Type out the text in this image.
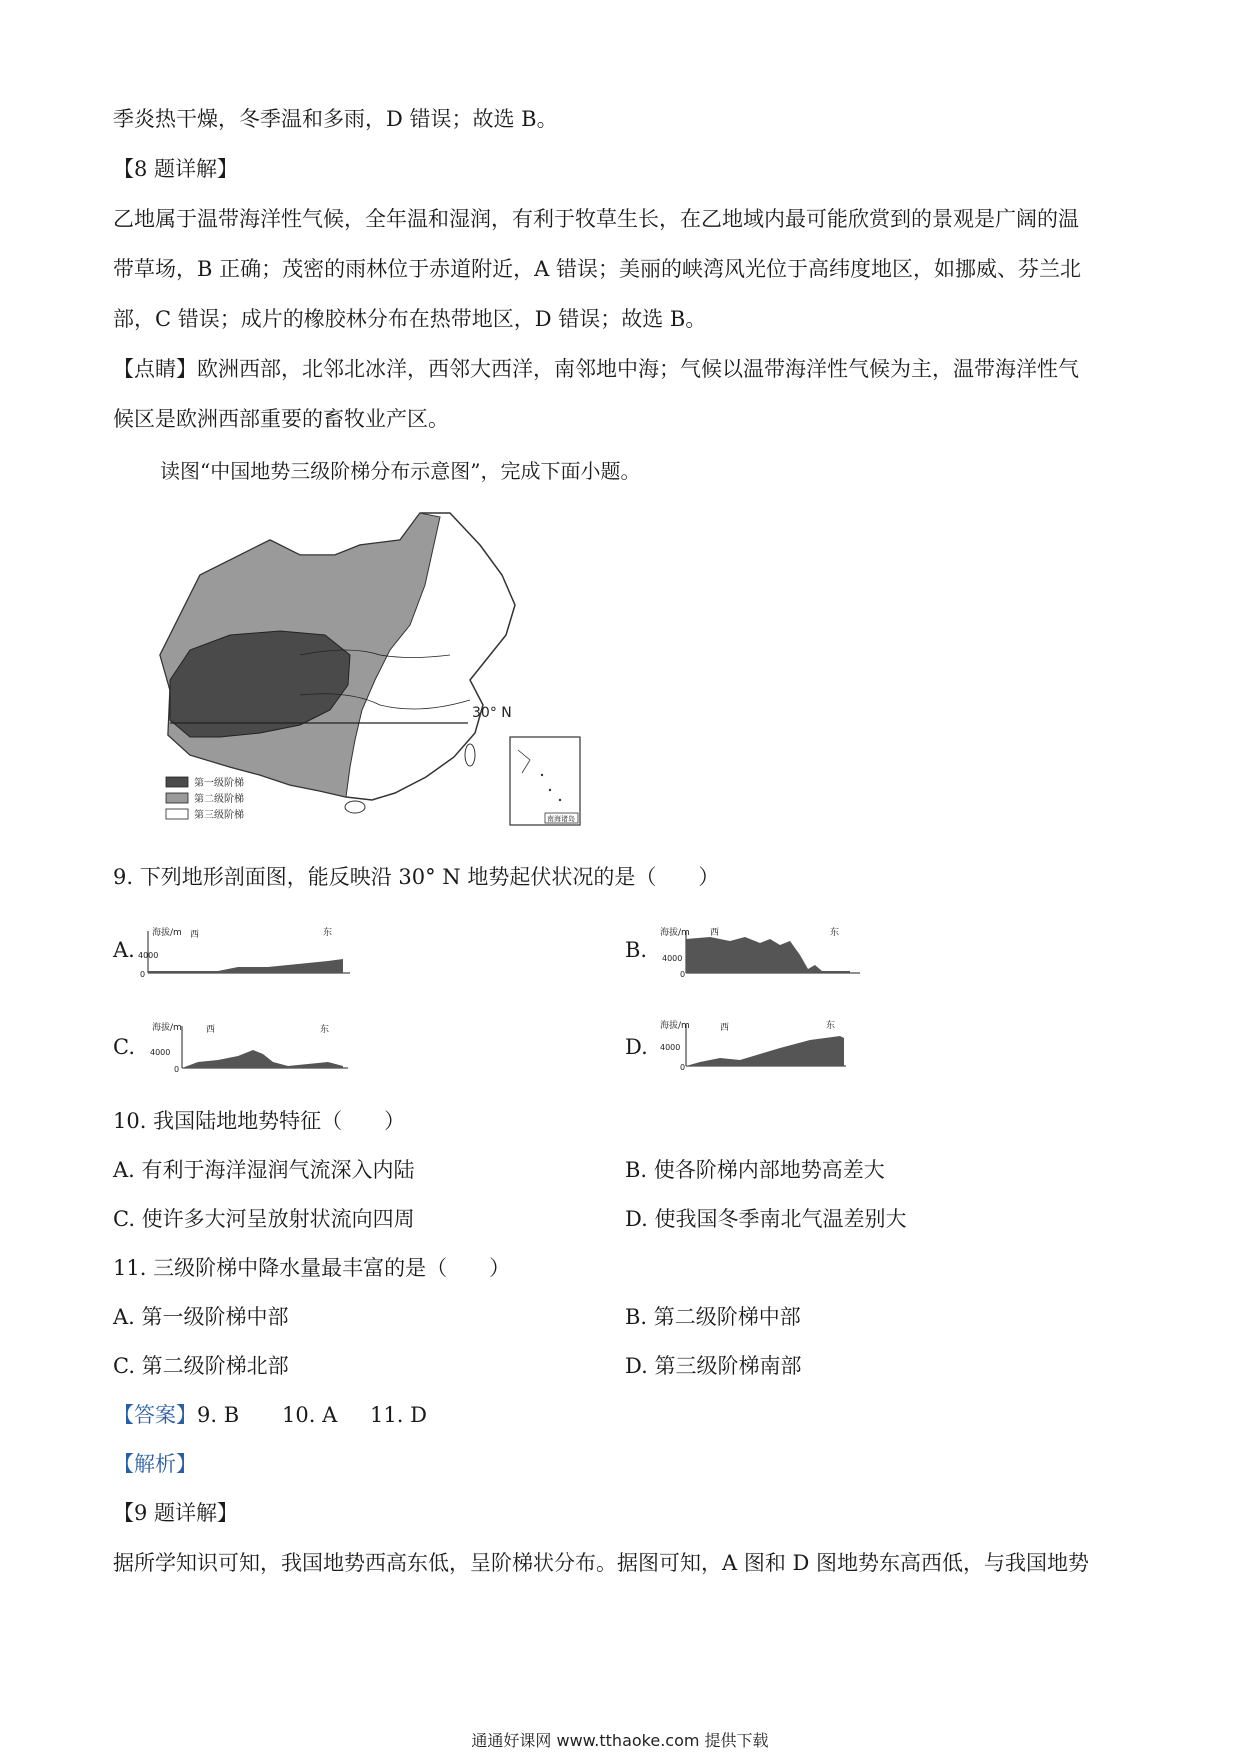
季炎热干燥，冬季温和多雨，D 错误；故选 B。

【8 题详解】

乙地属于温带海洋性气候，全年温和湿润，有利于牧草生长，在乙地域内最可能欣赏到的景观是广阔的温

带草场，B 正确；茂密的雨林位于赤道附近，A 错误；美丽的峡湾风光位于高纬度地区，如挪威、芬兰北

部，C 错误；成片的橡胶林分布在热带地区，D 错误；故选 B。

【点睛】欧洲西部，北邻北冰洋，西邻大西洋，南邻地中海；气候以温带海洋性气候为主，温带海洋性气

候区是欧洲西部重要的畜牧业产区。

读图“中国地势三级阶梯分布示意图”，完成下面小题。

30° N
南海诸岛
第一级阶梯
第二级阶梯
第三级阶梯

9. 下列地形剖面图，能反映沿 30° N 地势起伏状况的是（　　）

A.
海拔/m 西	东
4000
0
B.
海拔/m 西	东
4000
0
C.
海拔/m	西	东
4000
0
D.
海拔/m	西	东
4000
0

10. 我国陆地地势特征（　　）

A. 有利于海洋湿润气流深入内陆	B. 使各阶梯内部地势高差大

C. 使许多大河呈放射状流向四周	D. 使我国冬季南北气温差别大

11. 三级阶梯中降水量最丰富的是（　　）

A. 第一级阶梯中部	B. 第二级阶梯中部

C. 第二级阶梯北部	D. 第三级阶梯南部

【答案】9. B 10. A 11. D

【解析】

【9 题详解】

据所学知识可知，我国地势西高东低，呈阶梯状分布。据图可知，A 图和 D 图地势东高西低，与我国地势

通通好课网 www.tthaoke.com 提供下载
